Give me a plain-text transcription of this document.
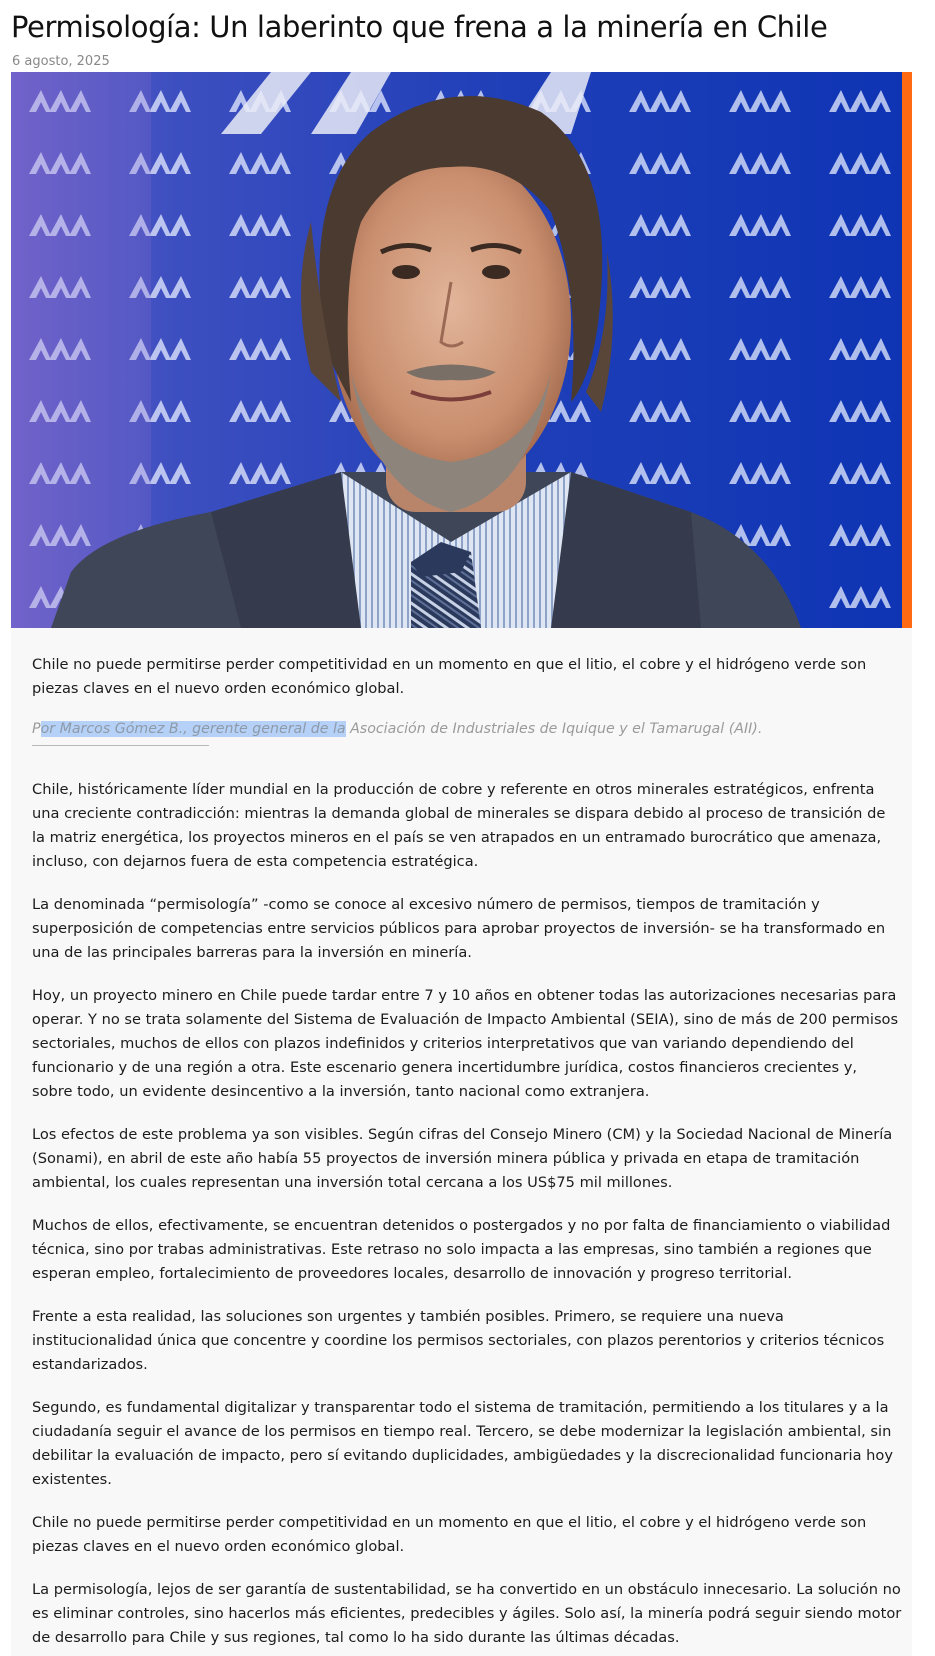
Permisología: Un laberinto que frena a la minería en Chile
6 agosto, 2025

Chile no puede permitirse perder competitividad en un momento en que el litio, el cobre y el hidrógeno verde son piezas claves en el nuevo orden económico global.

Por Marcos Gómez B., gerente general de la Asociación de Industriales de Iquique y el Tamarugal (AII).

Chile, históricamente líder mundial en la producción de cobre y referente en otros minerales estratégicos, enfrenta una creciente contradicción: mientras la demanda global de minerales se dispara debido al proceso de transición de la matriz energética, los proyectos mineros en el país se ven atrapados en un entramado burocrático que amenaza, incluso, con dejarnos fuera de esta competencia estratégica.

La denominada “permisología” -como se conoce al excesivo número de permisos, tiempos de tramitación y superposición de competencias entre servicios públicos para aprobar proyectos de inversión- se ha transformado en una de las principales barreras para la inversión en minería.

Hoy, un proyecto minero en Chile puede tardar entre 7 y 10 años en obtener todas las autorizaciones necesarias para operar. Y no se trata solamente del Sistema de Evaluación de Impacto Ambiental (SEIA), sino de más de 200 permisos sectoriales, muchos de ellos con plazos indefinidos y criterios interpretativos que van variando dependiendo del funcionario y de una región a otra. Este escenario genera incertidumbre jurídica, costos financieros crecientes y, sobre todo, un evidente desincentivo a la inversión, tanto nacional como extranjera.

Los efectos de este problema ya son visibles. Según cifras del Consejo Minero (CM) y la Sociedad Nacional de Minería (Sonami), en abril de este año había 55 proyectos de inversión minera pública y privada en etapa de tramitación ambiental, los cuales representan una inversión total cercana a los US$75 mil millones.

Muchos de ellos, efectivamente, se encuentran detenidos o postergados y no por falta de financiamiento o viabilidad técnica, sino por trabas administrativas. Este retraso no solo impacta a las empresas, sino también a regiones que esperan empleo, fortalecimiento de proveedores locales, desarrollo de innovación y progreso territorial.

Frente a esta realidad, las soluciones son urgentes y también posibles. Primero, se requiere una nueva institucionalidad única que concentre y coordine los permisos sectoriales, con plazos perentorios y criterios técnicos estandarizados.

Segundo, es fundamental digitalizar y transparentar todo el sistema de tramitación, permitiendo a los titulares y a la ciudadanía seguir el avance de los permisos en tiempo real. Tercero, se debe modernizar la legislación ambiental, sin debilitar la evaluación de impacto, pero sí evitando duplicidades, ambigüedades y la discrecionalidad funcionaria hoy existentes.

Chile no puede permitirse perder competitividad en un momento en que el litio, el cobre y el hidrógeno verde son piezas claves en el nuevo orden económico global.

La permisología, lejos de ser garantía de sustentabilidad, se ha convertido en un obstáculo innecesario. La solución no es eliminar controles, sino hacerlos más eficientes, predecibles y ágiles. Solo así, la minería podrá seguir siendo motor de desarrollo para Chile y sus regiones, tal como lo ha sido durante las últimas décadas.
